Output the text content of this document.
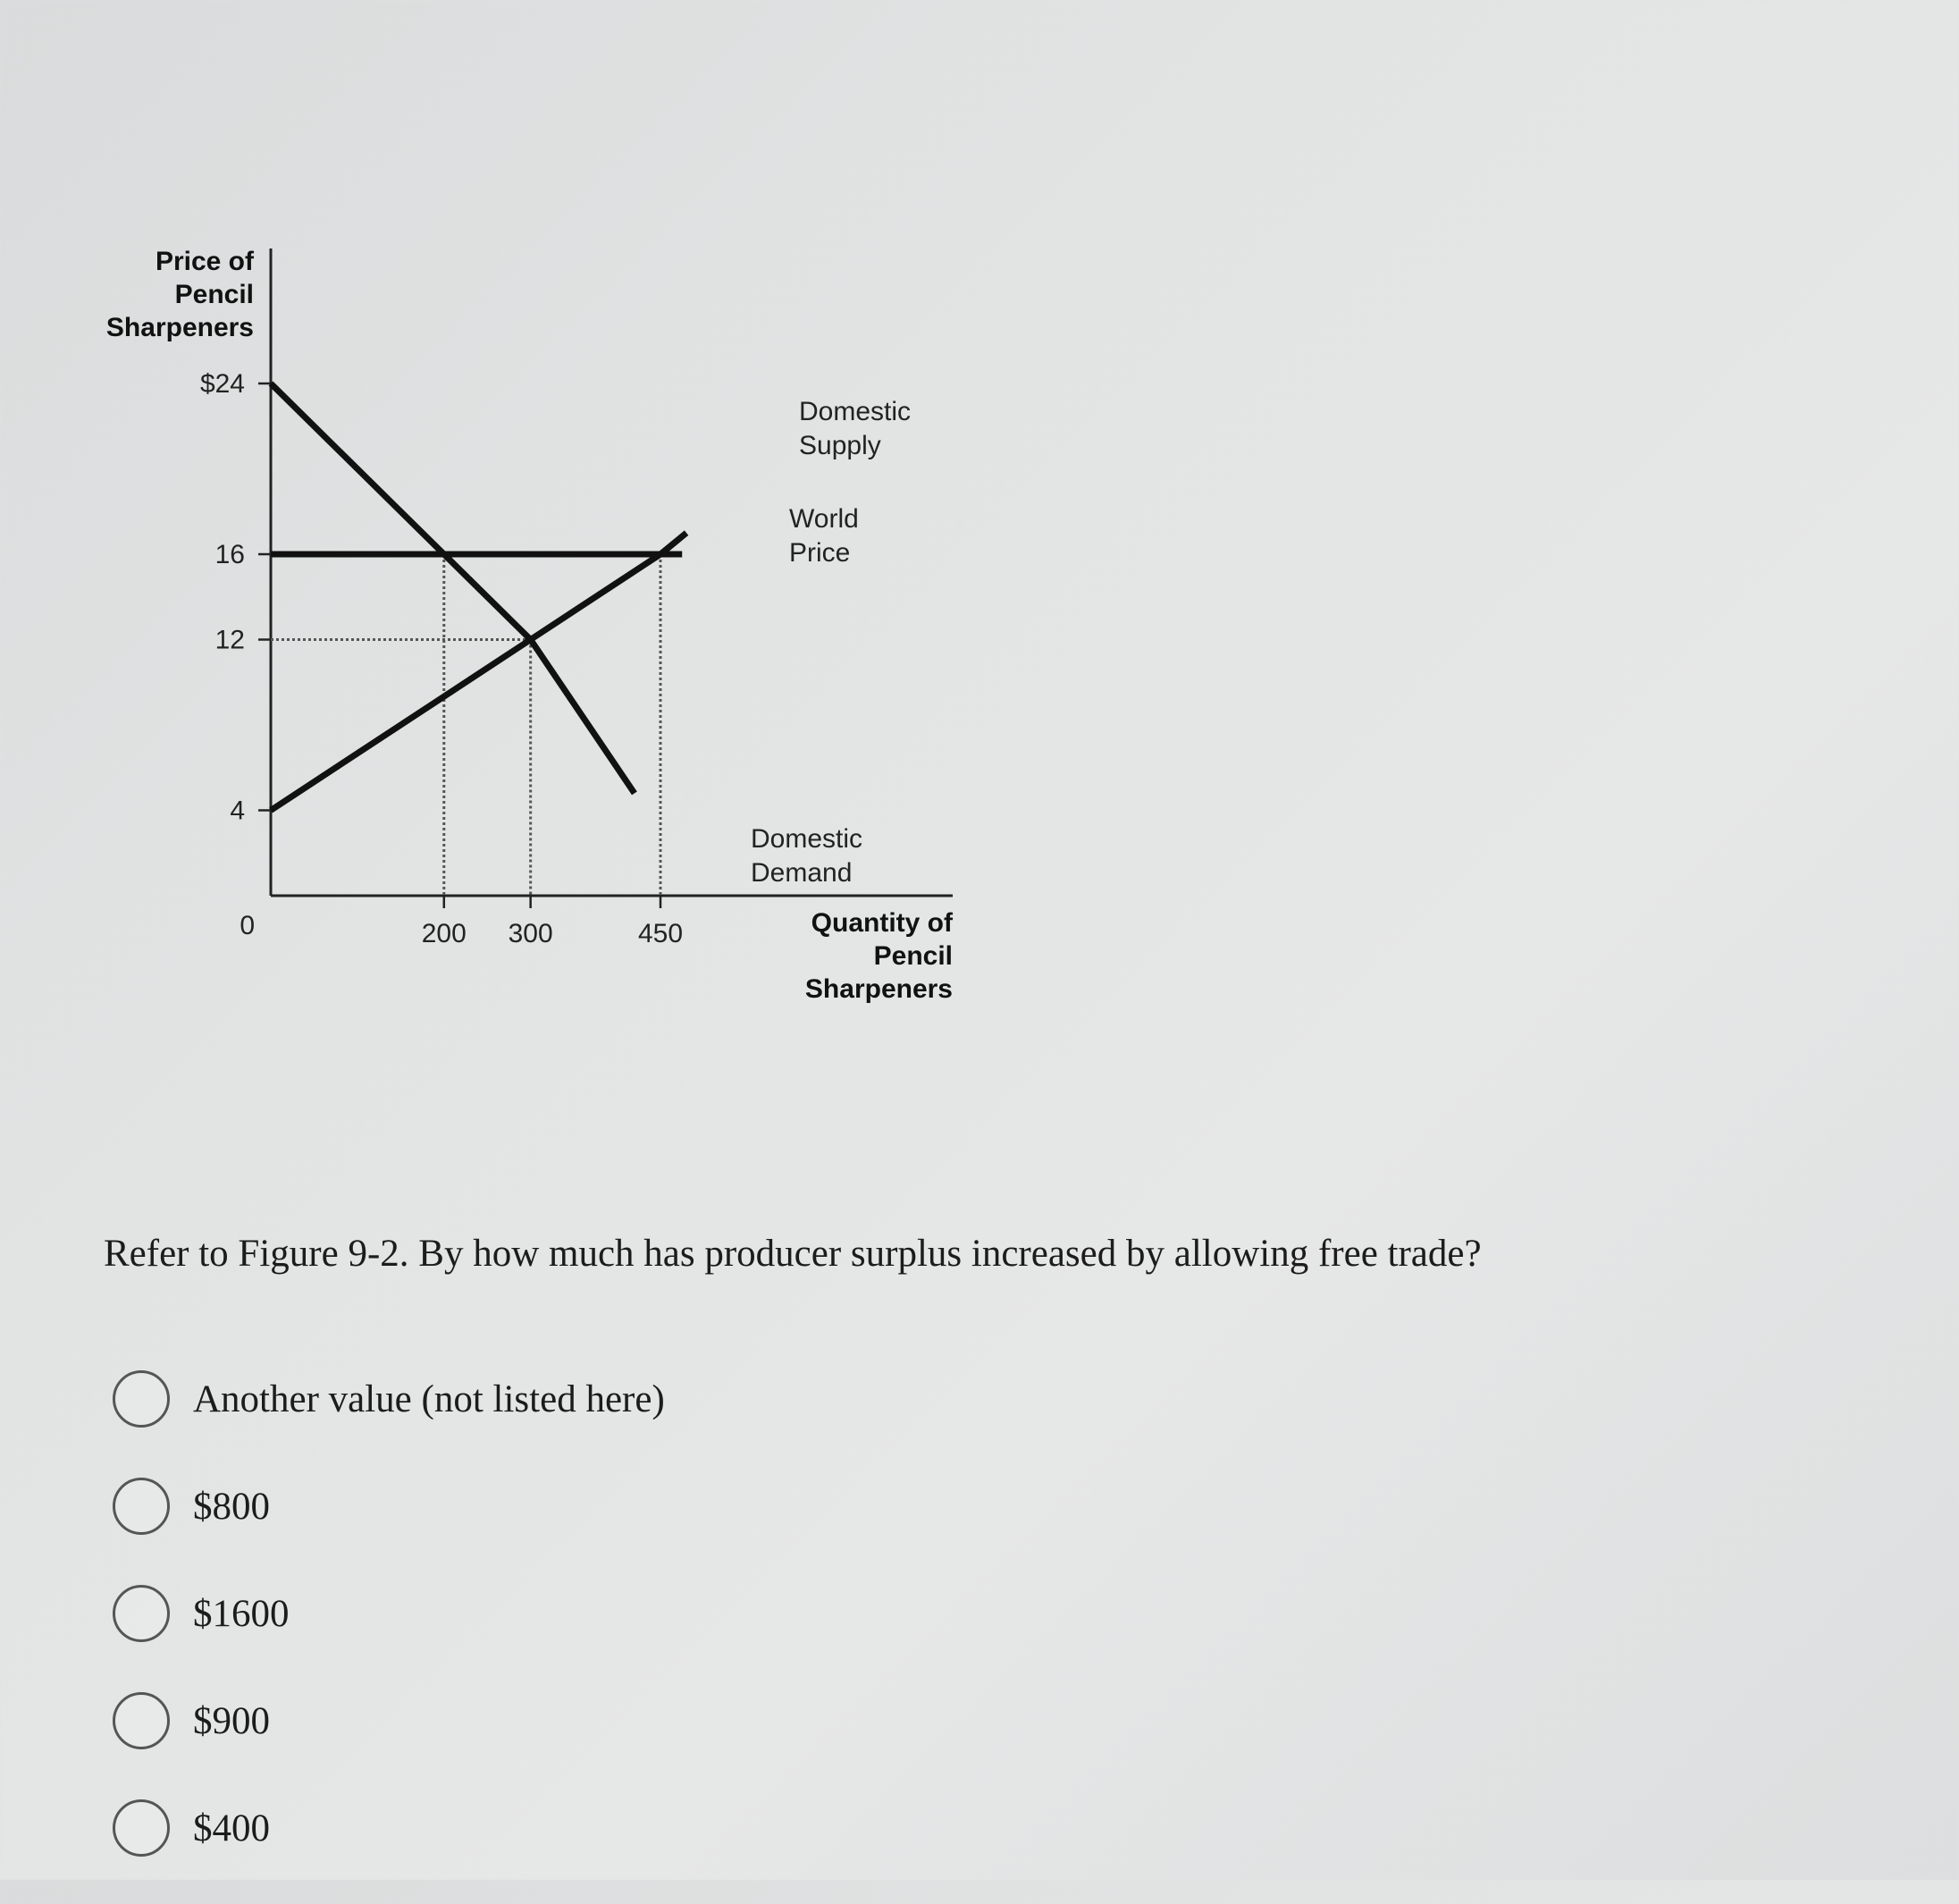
Price of Pencil Sharpeners
Quantity of Pencil Sharpeners
$24
16
12
4
0	200 300	450
Domestic Supply
Domestic Demand
World Price

Refer to Figure 9-2. By how much has producer surplus increased by allowing free trade?

Another value (not listed here)
$800
$1600
$900
$400
